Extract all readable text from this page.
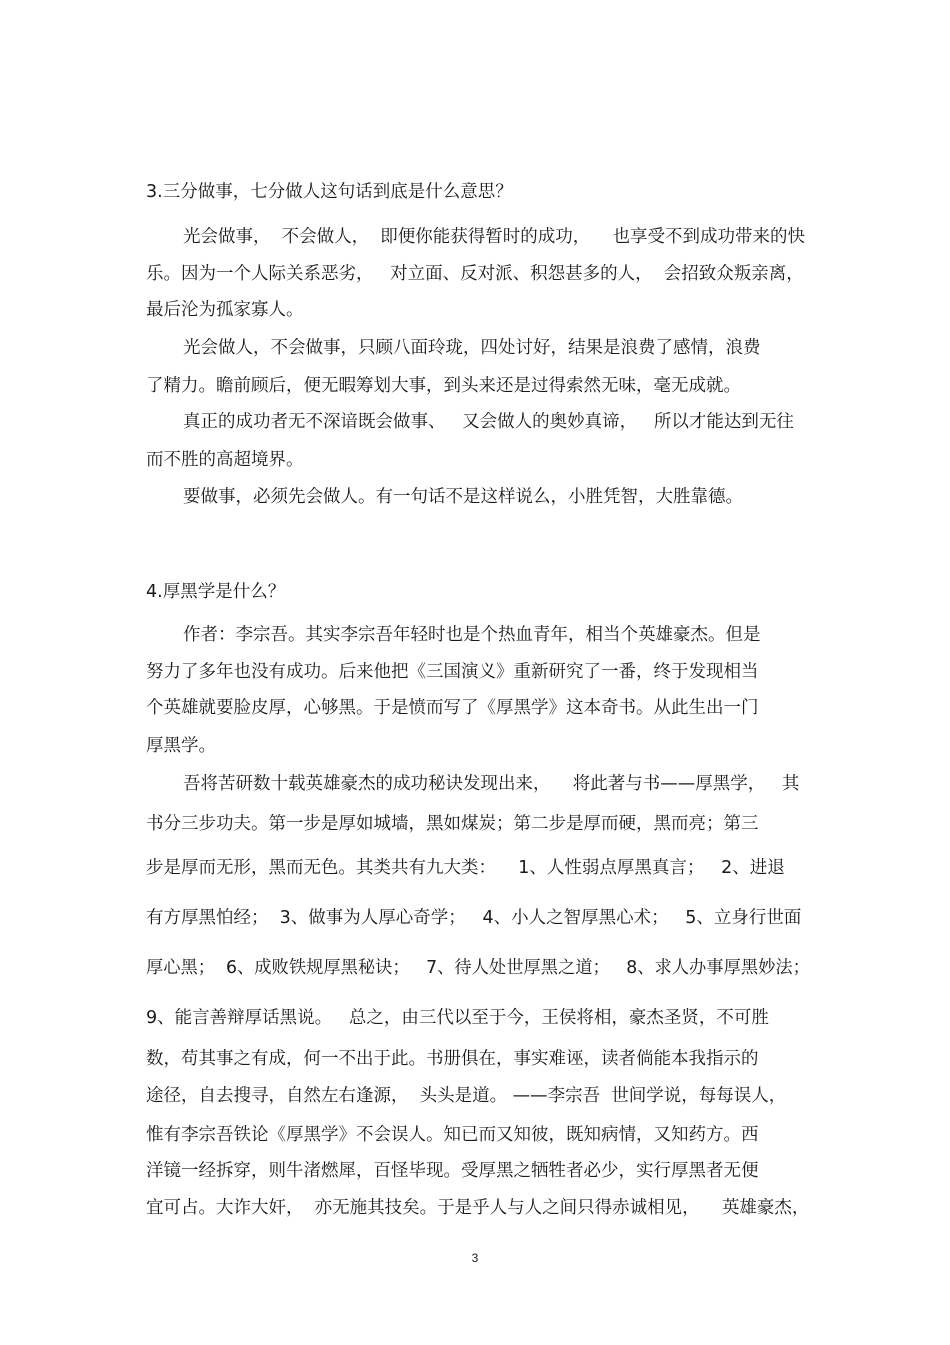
3.三分做事，七分做人这句话到底是什么意思？
光会做事，  不会做人，  即便你能获得暂时的成功，    也享受不到成功带来的快
乐。因为一个人际关系恶劣，   对立面、反对派、积怨甚多的人，  会招致众叛亲离，
最后沦为孤家寡人。
光会做人，不会做事，只顾八面玲珑，四处讨好，结果是浪费了感情，浪费
了精力。瞻前顾后，便无暇筹划大事，到头来还是过得索然无味，毫无成就。
真正的成功者无不深谙既会做事、   又会做人的奥妙真谛，   所以才能达到无往
而不胜的高超境界。
要做事，必须先会做人。有一句话不是这样说么，小胜凭智，大胜靠德。
4.厚黑学是什么？
作者：李宗吾。其实李宗吾年轻时也是个热血青年，相当个英雄豪杰。但是
努力了多年也没有成功。后来他把《三国演义》重新研究了一番，终于发现相当
个英雄就要脸皮厚，心够黑。于是愤而写了《厚黑学》这本奇书。从此生出一门
厚黑学。
吾将苦研数十载英雄豪杰的成功秘诀发现出来，    将此著与书——厚黑学，   其
书分三步功夫。第一步是厚如城墙，黑如煤炭；第二步是厚而硬，黑而亮；第三
步是厚而无形，黑而无色。其类共有九大类：    1、人性弱点厚黑真言；   2、进退
有方厚黑怕经；  3、做事为人厚心奇学；   4、小人之智厚黑心术；   5、立身行世面
厚心黑；  6、成败铁规厚黑秘诀；   7、待人处世厚黑之道；   8、求人办事厚黑妙法；
9、能言善辩厚话黑说。   总之，由三代以至于今，王侯将相，豪杰圣贤，不可胜
数，苟其事之有成，何一不出于此。书册俱在，事实难诬，读者倘能本我指示的
途径，自去搜寻，自然左右逢源，  头头是道。 ——李宗吾  世间学说，每每误人，
惟有李宗吾铁论《厚黑学》不会误人。知已而又知彼，既知病情，又知药方。西
洋镜一经拆穿，则牛渚燃犀，百怪毕现。受厚黑之牺牲者必少，实行厚黑者无便
宜可占。大诈大奸，  亦无施其技矣。于是乎人与人之间只得赤诚相见，    英雄豪杰，
3
